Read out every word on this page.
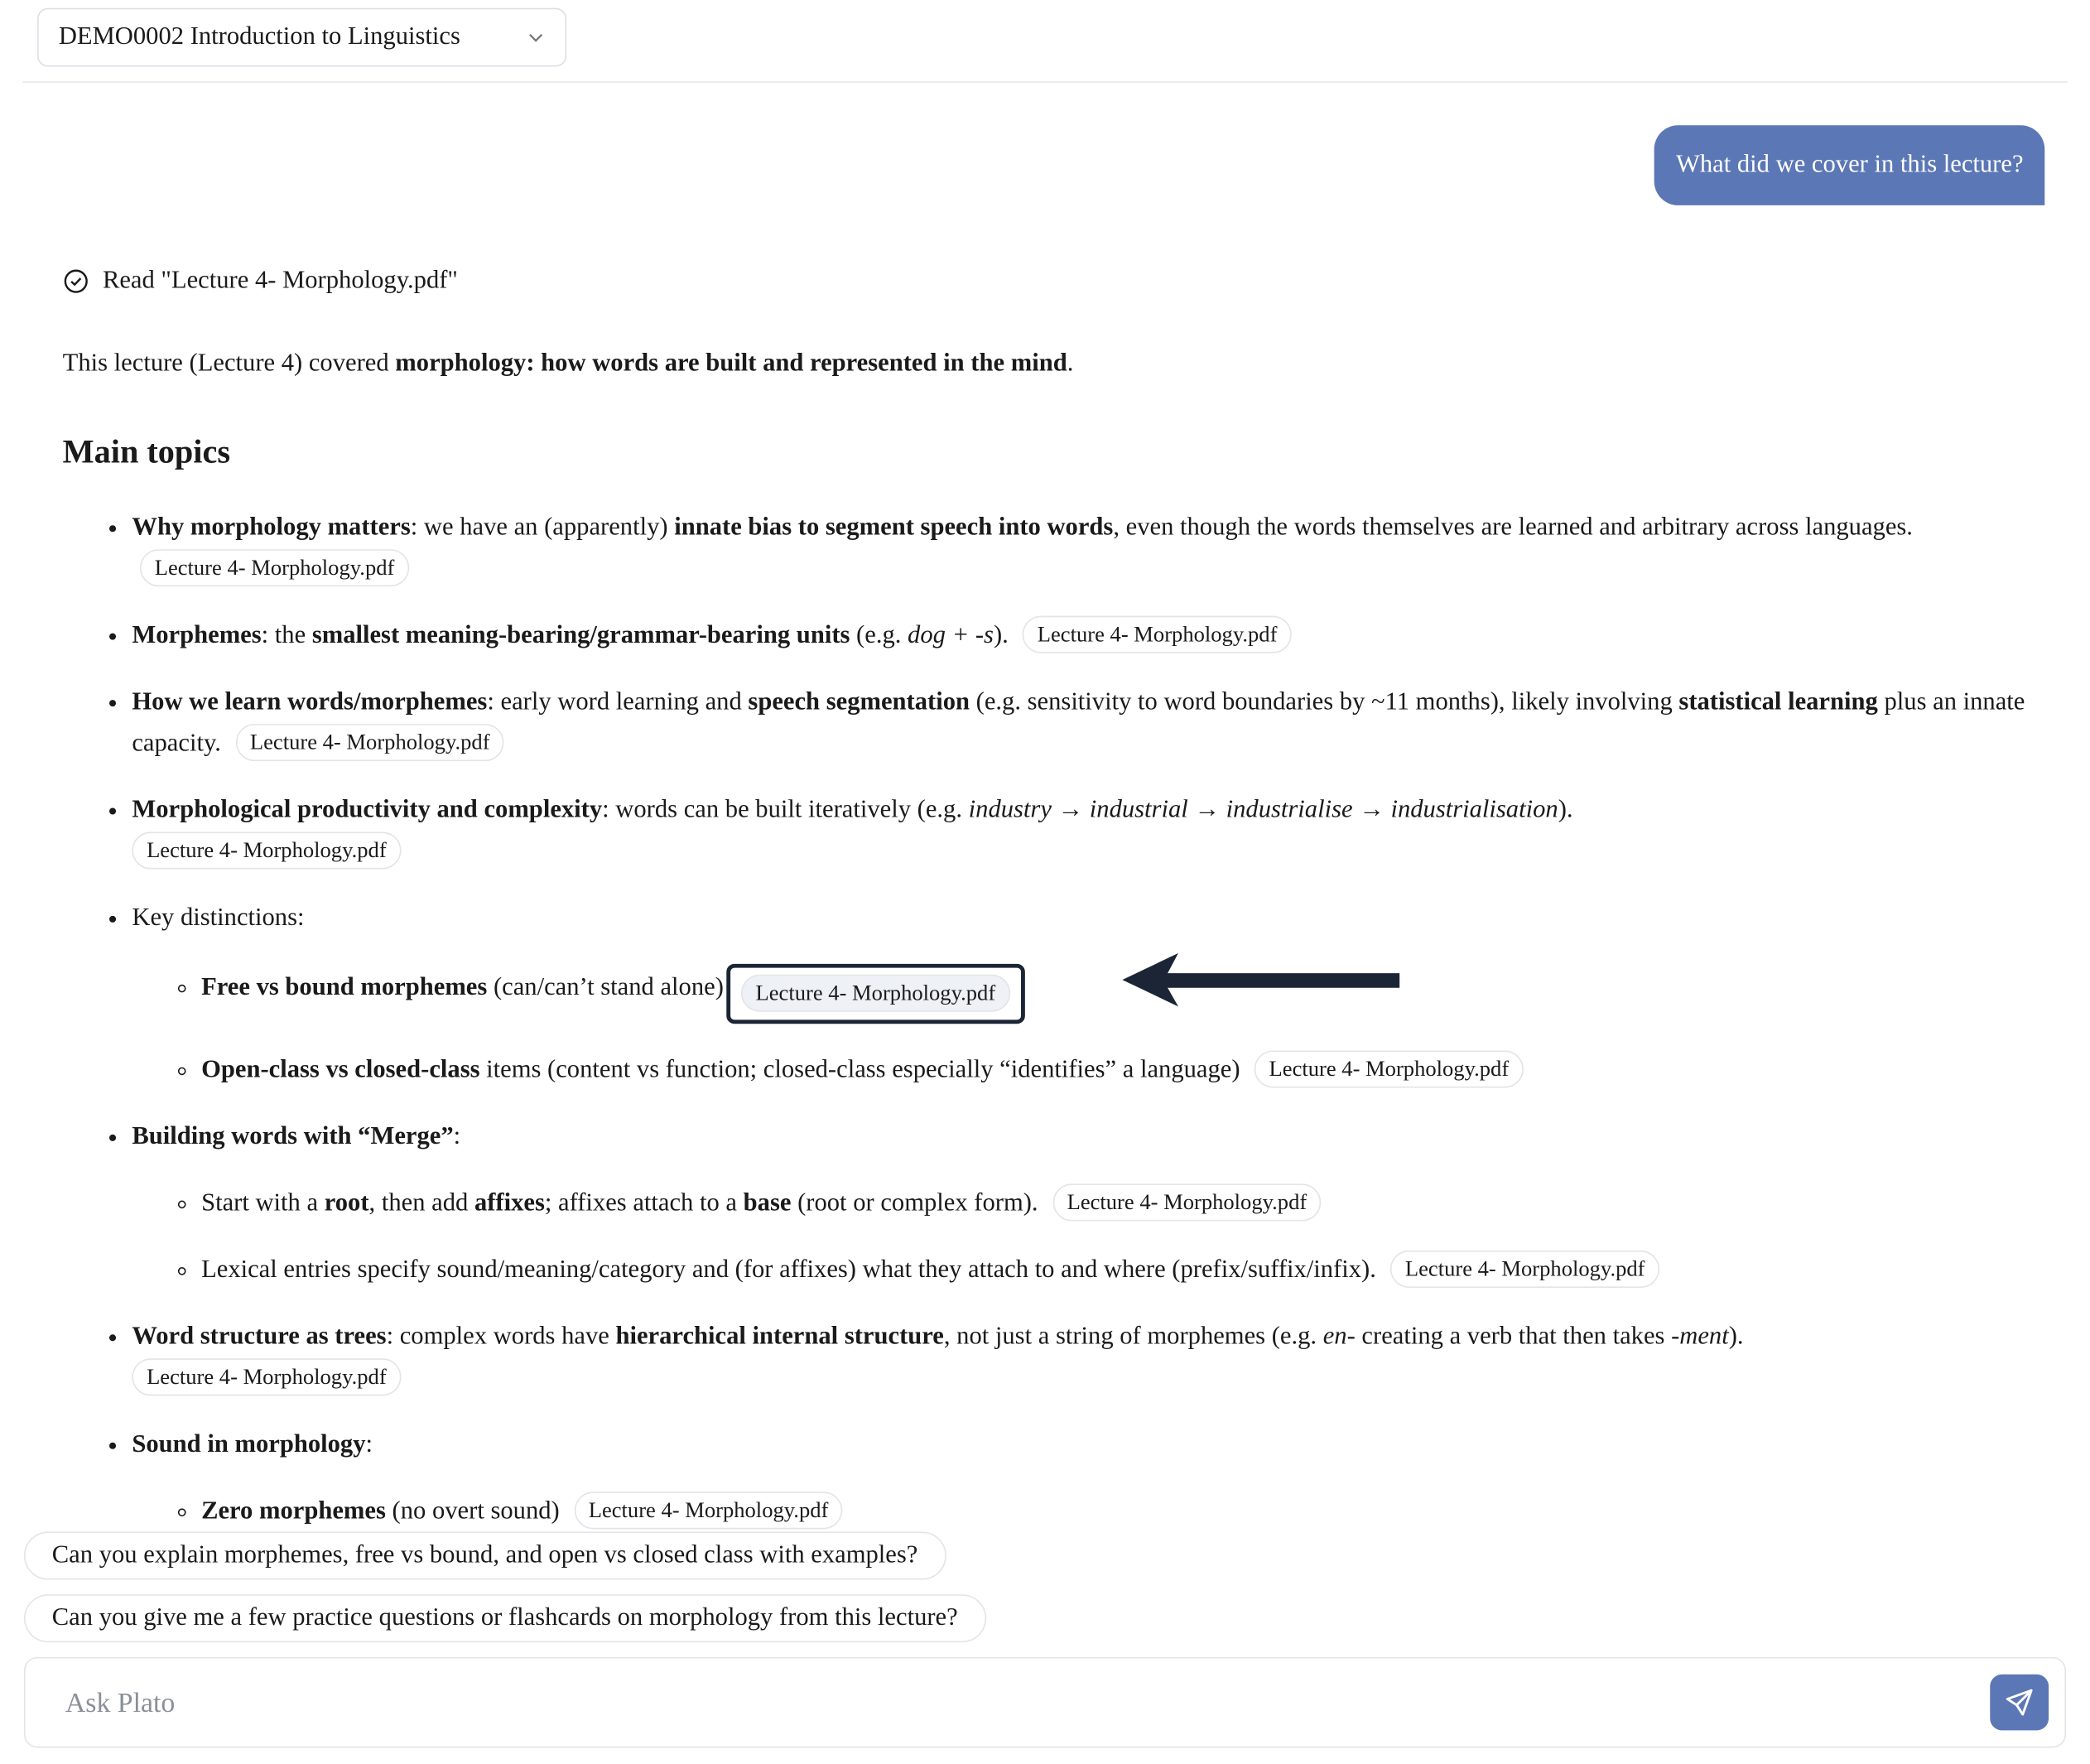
DEMO0002 Introduction to Linguistics
What did we cover in this lecture?
Read "Lecture 4- Morphology.pdf"
This lecture (Lecture 4) covered morphology: how words are built and represented in the mind.
Main topics
• Why morphology matters: we have an (apparently) innate bias to segment speech into words, even though the words themselves are learned and arbitrary across languages. Lecture 4- Morphology.pdf
• Morphemes: the smallest meaning-bearing/grammar-bearing units (e.g. dog + -s). Lecture 4- Morphology.pdf
• How we learn words/morphemes: early word learning and speech segmentation (e.g. sensitivity to word boundaries by ~11 months), likely involving statistical learning plus an innate capacity. Lecture 4- Morphology.pdf
• Morphological productivity and complexity: words can be built iteratively (e.g. industry → industrial → industrialise → industrialisation).
Lecture 4- Morphology.pdf
• Key distinctions:
◦ Free vs bound morphemes (can/can’t stand alone) Lecture 4- Morphology.pdf
◦ Open-class vs closed-class items (content vs function; closed-class especially “identifies” a language) Lecture 4- Morphology.pdf
• Building words with “Merge”:
◦ Start with a root, then add affixes; affixes attach to a base (root or complex form). Lecture 4- Morphology.pdf
◦ Lexical entries specify sound/meaning/category and (for affixes) what they attach to and where (prefix/suffix/infix). Lecture 4- Morphology.pdf
• Word structure as trees: complex words have hierarchical internal structure, not just a string of morphemes (e.g. en- creating a verb that then takes -ment).
Lecture 4- Morphology.pdf
• Sound in morphology:
◦ Zero morphemes (no overt sound) Lecture 4- Morphology.pdf
Can you explain morphemes, free vs bound, and open vs closed class with examples?
Can you give me a few practice questions or flashcards on morphology from this lecture?
Ask Plato
